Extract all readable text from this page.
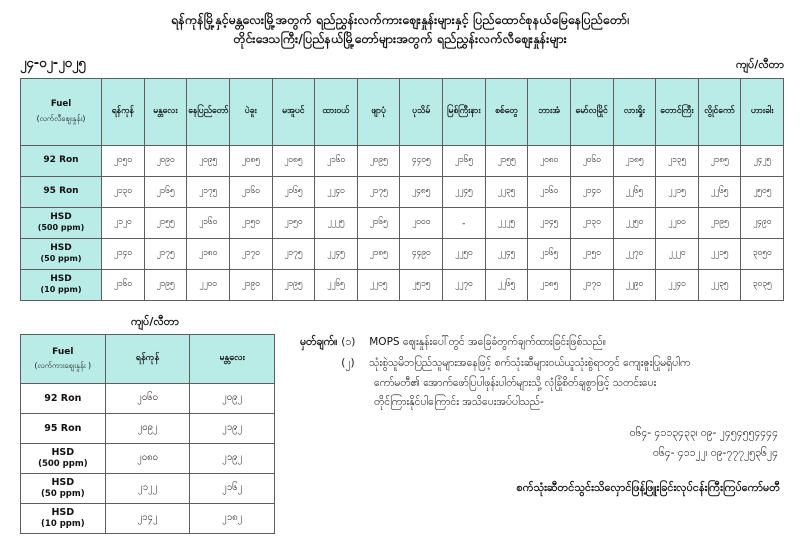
ရန်ကုန်မြို့နှင့်မန္တလေးမြို့အတွက် ရည်ညွှန်းလက်ကားဈေးနှုန်းများနှင့် ပြည်ထောင်စုနယ်မြေနေပြည်တော်၊
တိုင်းဒေသကြီး/ပြည်နယ်မြို့တော်များအတွက် ရည်ညွှန်းလက်လီဈေးနှုန်းများ
၂၄-၀၂-၂၀၂၅	ကျပ်/လီတာ
Fuel
(လက်လီဈေးနှုန်း)	ရန်ကုန်	မန္တလေး	နေပြည်တော်	ပဲခူး	မအူပင်	ထားဝယ်	ဖျာပုံ	ပုသိမ်	မြစ်ကြီးနား	စစ်တွေ	ဘားအံ	မော်လမြိုင်	လားရှိုး	တောင်ကြီး	လွိုင်ကော်	ဟားခါး
92 Ron	၂၀၅၀	၂၀၉၀	၂၀၉၅	၂၀၈၅	၂၀၈၅	၂၁၆၀	၂၀၉၅	၄၄၀၅	၂၁၆၅	၂၁၅၅	၂၀၈၀	၂၀၆၀	၂၁၈၅	၂၁၃၅	၂၁၈၅	၂၄၂၅
95 Ron	၂၁၃၀	၂၁၆၅	၂၁၇၅	၂၁၆၀	၂၁၆၅	၂၂၄၀	၂၁၇၅	၂၄၈၅	၂၂၄၅	၂၂၃၅	၂၁၆၀	၂၁၄၀	၂၂၆၅	၂၂၁၅	၂၂၆၅	၂၅၀၅
HSD
(500 ppm)	၂၁၂၀	၂၁၅၅	၂၁၆၀	၂၁၅၀	၂၁၅၀	၂၂၂၅	၂၁၆၅	၂၀၀၀	-	၂၂၂၅	၂၁၄၅	၂၁၃၀	၂၂၅၀	၂၂၀၀	၂၁၉၅	၂၄၉၀
HSD
(50 ppm)	၂၁၄၀	၂၁၇၅	၂၁၈၀	၂၁၇၀	၂၁၇၅	၂၂၄၅	၂၁၈၅	၄၄၉၀	၂၂၅၀	၂၂၄၅	၂၁၆၅	၂၁၅၀	၂၂၇၀	၂၂၂၀	၂၂၁၅	၃၀၅၀
HSD
(10 ppm)	၂၁၆၀	၂၁၉၅	၂၂၀၀	၂၁၉၀	၂၁၉၅	၂၂၆၅	၂၂၀၅	၂၅၁၅	၂၂၇၀	၂၂၆၅	၂၁၈၅	၂၁၇၀	၂၂၉၀	၂၂၄၀	၂၂၃၅	၃၀၃၅
ကျပ်/လီတာ
Fuel
(လက်ကားဈေးနှုန်း )	ရန်ကုန်	မန္တလေး
92 Ron	၂၀၆၀	၂၀၉၂
95 Ron	၂၀၉၂	၂၁၉၂
HSD
(500 ppm)	၂၀၈၀	၂၁၉၂
HSD
(50 ppm)	၂၁၂၂	၂၁၆၂
HSD
(10 ppm)	၂၁၄၂	၂၁၈၂
မှတ်ချက်။ (၁)	MOPS ဈေးနှုန်းပေါ်တွင် အခြေခံတွက်ချက်ထားခြင်းဖြစ်သည်။
(၂)	သုံးစွဲသူမိဘပြည်သူများအနေဖြင့် စက်သုံးဆီများဝယ်ယူသုံးစွဲရာတွင် ကျေးဇူးပြုမရှိပါက
ကော်မတီ၏ အောက်ဖော်ပြပါဖုန်းပါတ်များသို့ လုံခြုံစိတ်ချစွာဖြင့် သတင်းပေး
တိုင်ကြားနိုင်ပါကြောင်း အသိပေးအပ်ပါသည်-
၀၆၄- ၄၁၁၃၄၃၃၊ ၀၉- ၂၄၅၄၅၅၄၄၄၄
၀၆၄- ၄၁၁၂၂၊ ၀၉-၇၇၇၂၅၃၆၂၄
စက်သုံးဆီတင်သွင်းသိလှောင်ဖြန့်ဖြူးခြင်းလုပ်ငန်းကြီးကြပ်ကော်မတီ
